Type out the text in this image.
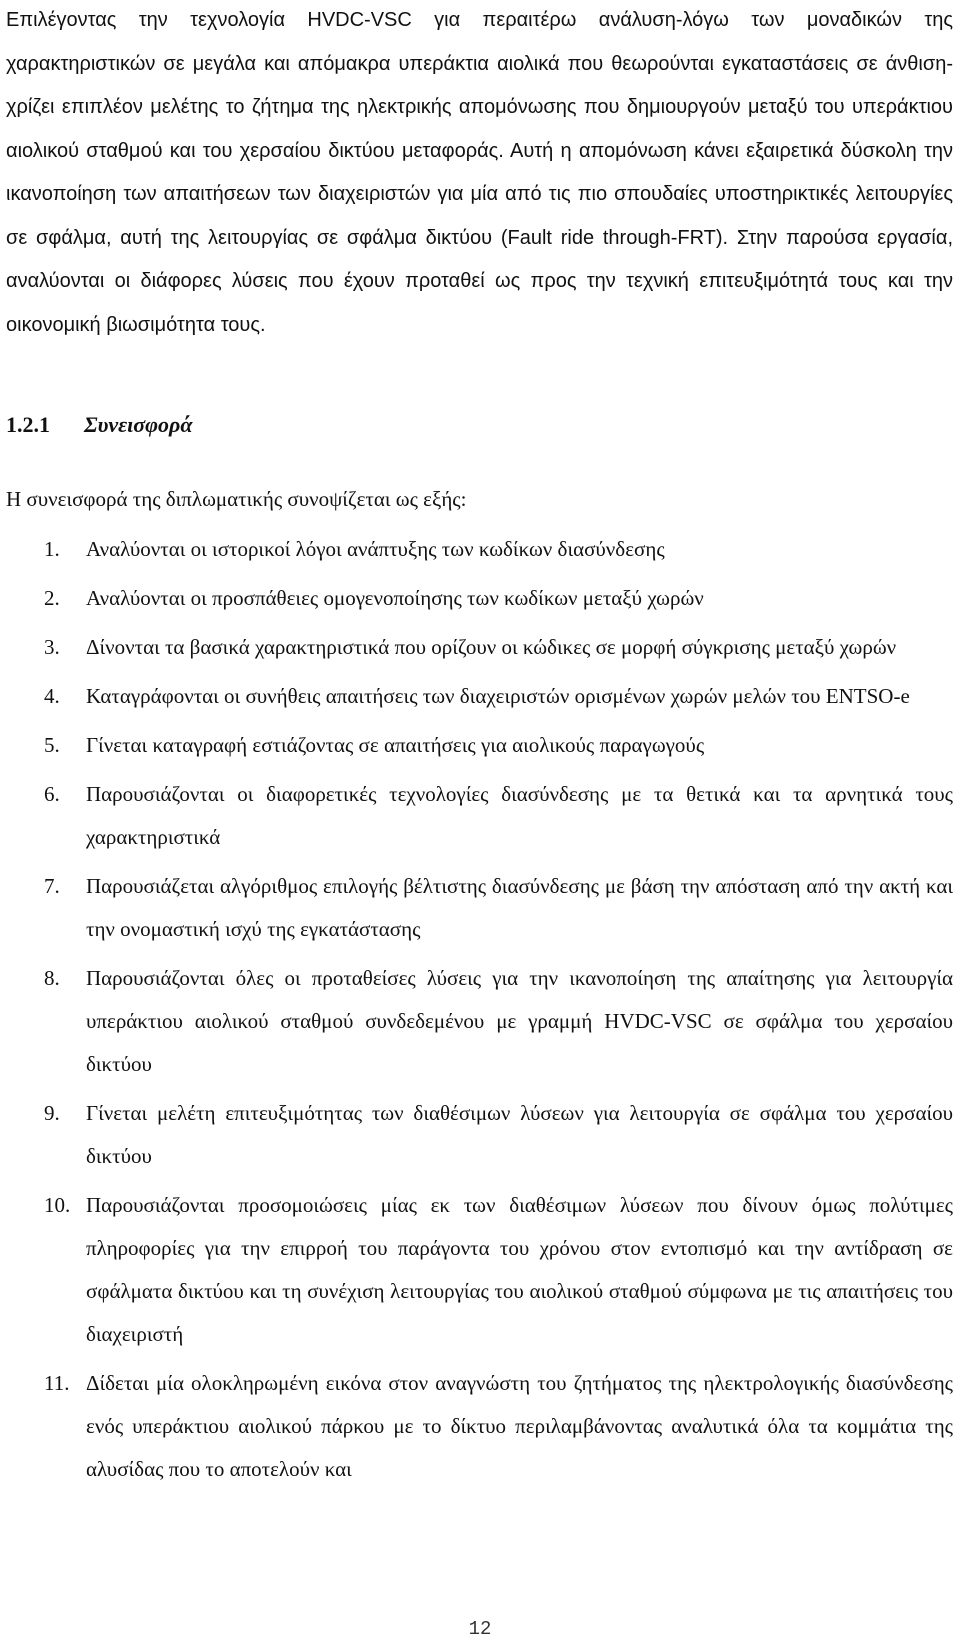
Επιλέγοντας την τεχνολογία HVDC-VSC για περαιτέρω ανάλυση-λόγω των μοναδικών της χαρακτηριστικών σε μεγάλα και απόμακρα υπεράκτια αιολικά που θεωρούνται εγκαταστάσεις σε άνθιση-χρίζει επιπλέον μελέτης το ζήτημα της ηλεκτρικής απομόνωσης που δημιουργούν μεταξύ του υπεράκτιου αιολικού σταθμού και του χερσαίου δικτύου μεταφοράς. Αυτή η απομόνωση κάνει εξαιρετικά δύσκολη την ικανοποίηση των απαιτήσεων των διαχειριστών για μία από τις πιο σπουδαίες υποστηρικτικές λειτουργίες σε σφάλμα, αυτή της λειτουργίας σε σφάλμα δικτύου (Fault ride through-FRT). Στην παρούσα εργασία, αναλύονται οι διάφορες λύσεις που έχουν προταθεί ως προς την τεχνική επιτευξιμότητά τους και την οικονομική βιωσιμότητα τους.

1.2.1 Συνεισφορά

Η συνεισφορά της διπλωματικής συνοψίζεται ως εξής:

1.	Αναλύονται οι ιστορικοί λόγοι ανάπτυξης των κωδίκων διασύνδεσης
2.	Αναλύονται οι προσπάθειες ομογενοποίησης των κωδίκων μεταξύ χωρών
3.	Δίνονται τα βασικά χαρακτηριστικά που ορίζουν οι κώδικες σε μορφή σύγκρισης μεταξύ χωρών
4.	Καταγράφονται οι συνήθεις απαιτήσεις των διαχειριστών ορισμένων χωρών μελών του ENTSO-e
5.	Γίνεται καταγραφή εστιάζοντας σε απαιτήσεις για αιολικούς παραγωγούς
6.	Παρουσιάζονται οι διαφορετικές τεχνολογίες διασύνδεσης με τα θετικά και τα αρνητικά τους χαρακτηριστικά
7.	Παρουσιάζεται αλγόριθμος επιλογής βέλτιστης διασύνδεσης με βάση την απόσταση από την ακτή και την ονομαστική ισχύ της εγκατάστασης
8.	Παρουσιάζονται όλες οι προταθείσες λύσεις για την ικανοποίηση της απαίτησης για λειτουργία υπεράκτιου αιολικού σταθμού συνδεδεμένου με γραμμή HVDC-VSC σε σφάλμα του χερσαίου δικτύου
9.	Γίνεται μελέτη επιτευξιμότητας των διαθέσιμων λύσεων για λειτουργία σε σφάλμα του χερσαίου δικτύου
10. Παρουσιάζονται προσομοιώσεις μίας εκ των διαθέσιμων λύσεων που δίνουν όμως πολύτιμες πληροφορίες για την επιρροή του παράγοντα του χρόνου στον εντοπισμό και την αντίδραση σε σφάλματα δικτύου και τη συνέχιση λειτουργίας του αιολικού σταθμού σύμφωνα με τις απαιτήσεις του διαχειριστή
11. Δίδεται μία ολοκληρωμένη εικόνα στον αναγνώστη του ζητήματος της ηλεκτρολογικής διασύνδεσης ενός υπεράκτιου αιολικού πάρκου με το δίκτυο περιλαμβάνοντας αναλυτικά όλα τα κομμάτια της αλυσίδας που το αποτελούν και
12
